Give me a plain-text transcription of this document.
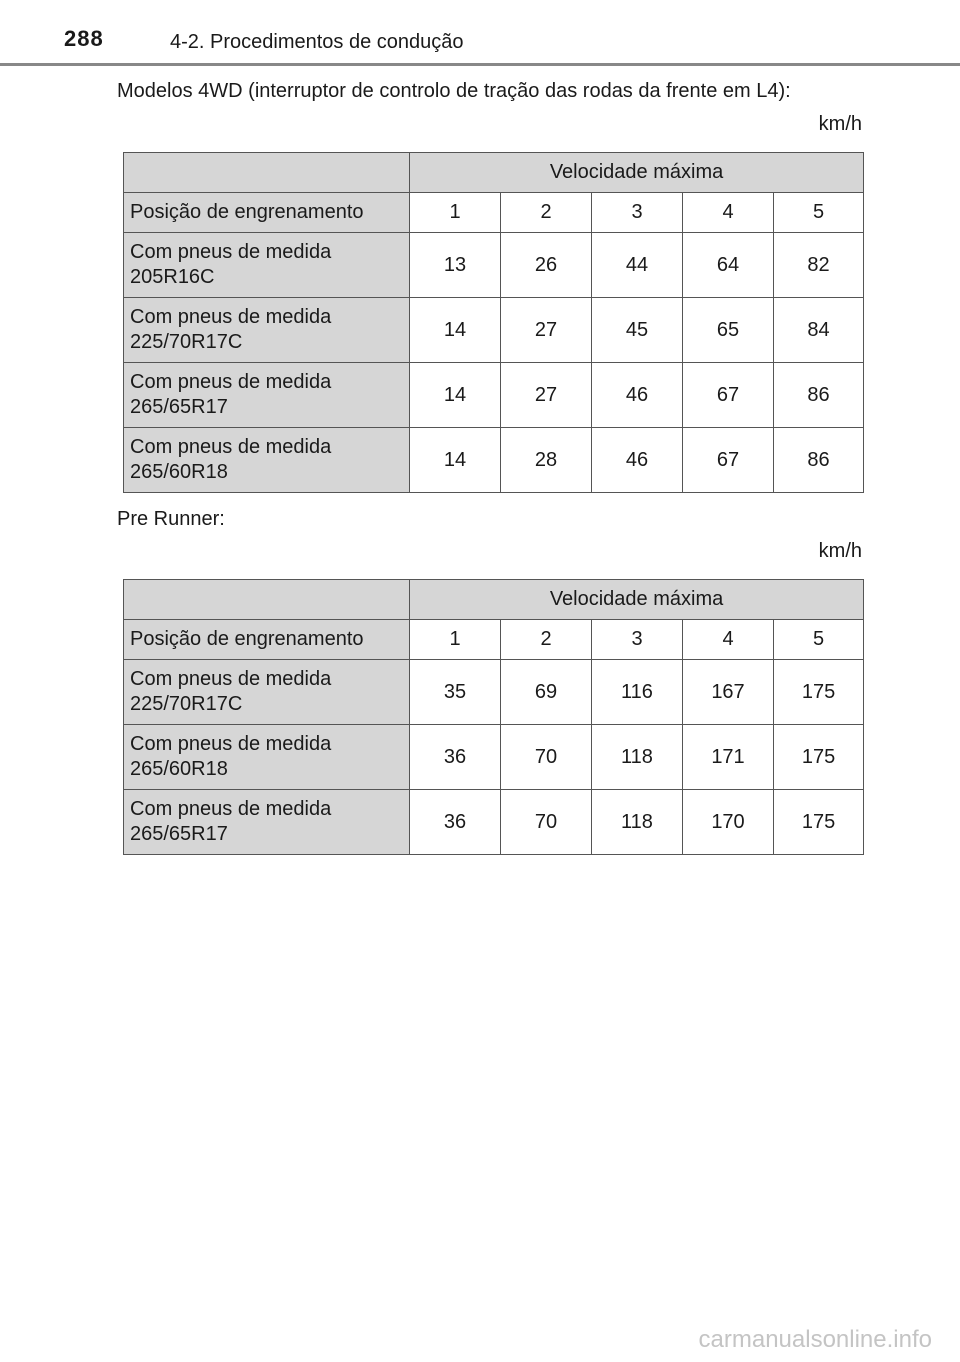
288	4-2. Procedimentos de condução
Modelos 4WD (interruptor de controlo de tração das rodas da frente em L4):
km/h
	Velocidade máxima				
Posição de engrenamento	1	2	3	4	5
Com pneus de medida
205R16C	13	26	44	64	82
Com pneus de medida
225/70R17C	14	27	45	65	84
Com pneus de medida
265/65R17	14	27	46	67	86
Com pneus de medida
265/60R18	14	28	46	67	86
Pre Runner:
km/h
	Velocidade máxima				
Posição de engrenamento	1	2	3	4	5
Com pneus de medida
225/70R17C	35	69	116	167	175
Com pneus de medida
265/60R18	36	70	118	171	175
Com pneus de medida
265/65R17	36	70	118	170	175
carmanualsonline.info
